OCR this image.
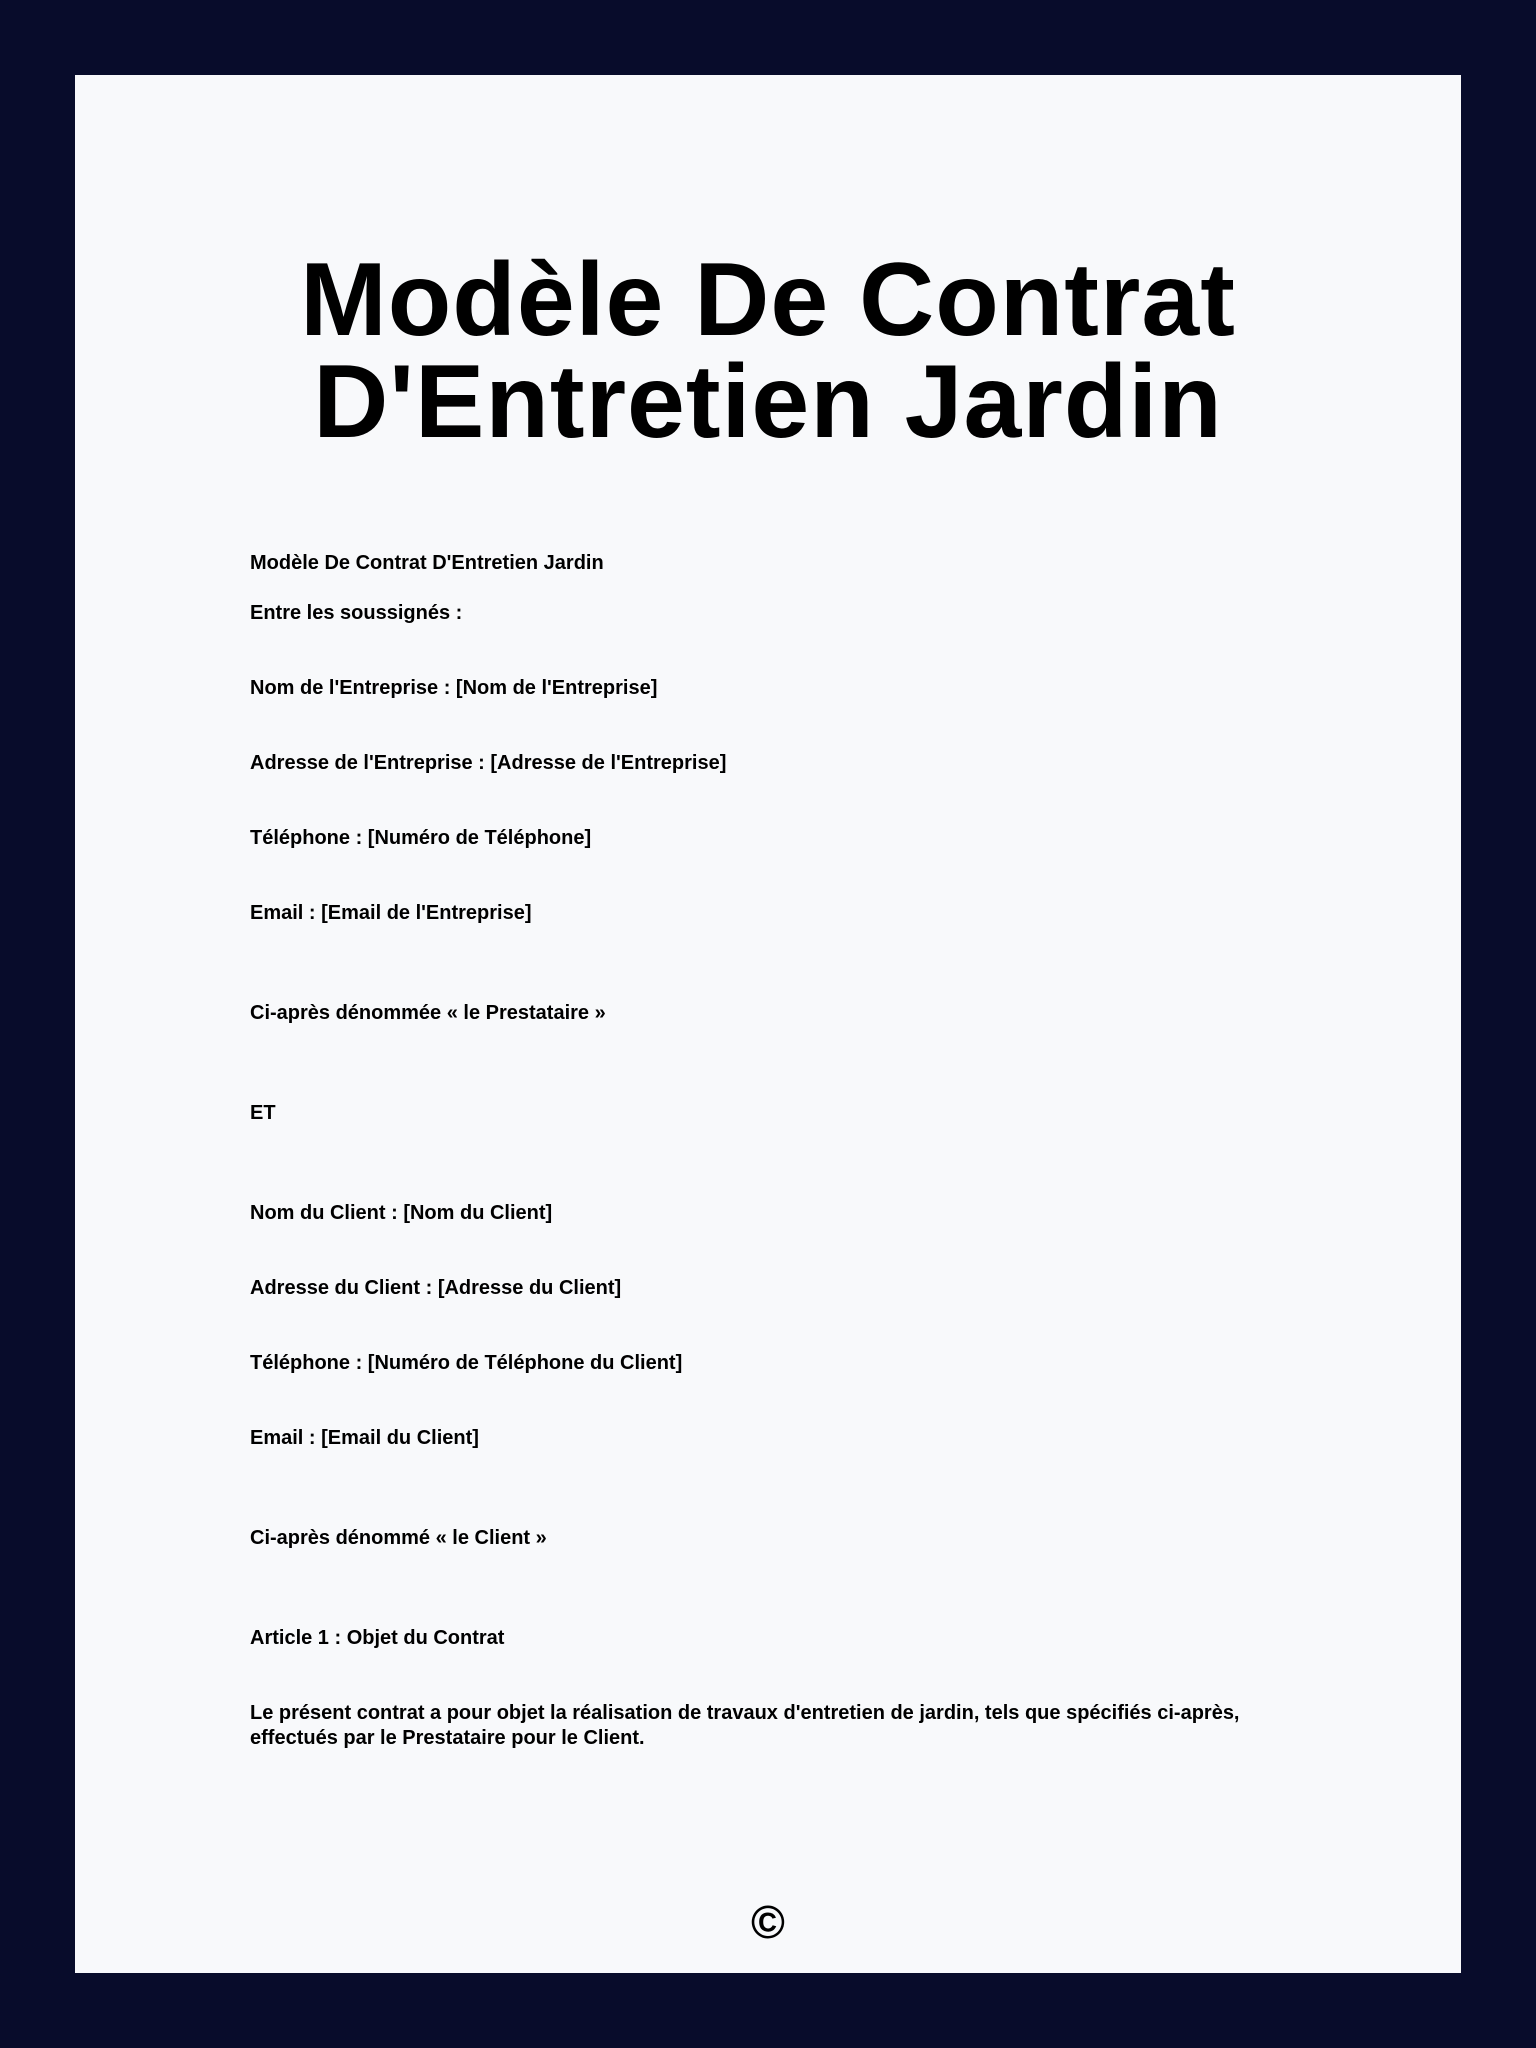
Modèle De Contrat D'Entretien Jardin

Modèle De Contrat D'Entretien Jardin

Entre les soussignés :

Nom de l'Entreprise : [Nom de l'Entreprise]

Adresse de l'Entreprise : [Adresse de l'Entreprise]

Téléphone : [Numéro de Téléphone]

Email : [Email de l'Entreprise]

Ci-après dénommée « le Prestataire »

ET

Nom du Client : [Nom du Client]

Adresse du Client : [Adresse du Client]

Téléphone : [Numéro de Téléphone du Client]

Email : [Email du Client]

Ci-après dénommé « le Client »

Article 1 : Objet du Contrat

Le présent contrat a pour objet la réalisation de travaux d'entretien de jardin, tels que spécifiés ci-après, effectués par le Prestataire pour le Client.

©
